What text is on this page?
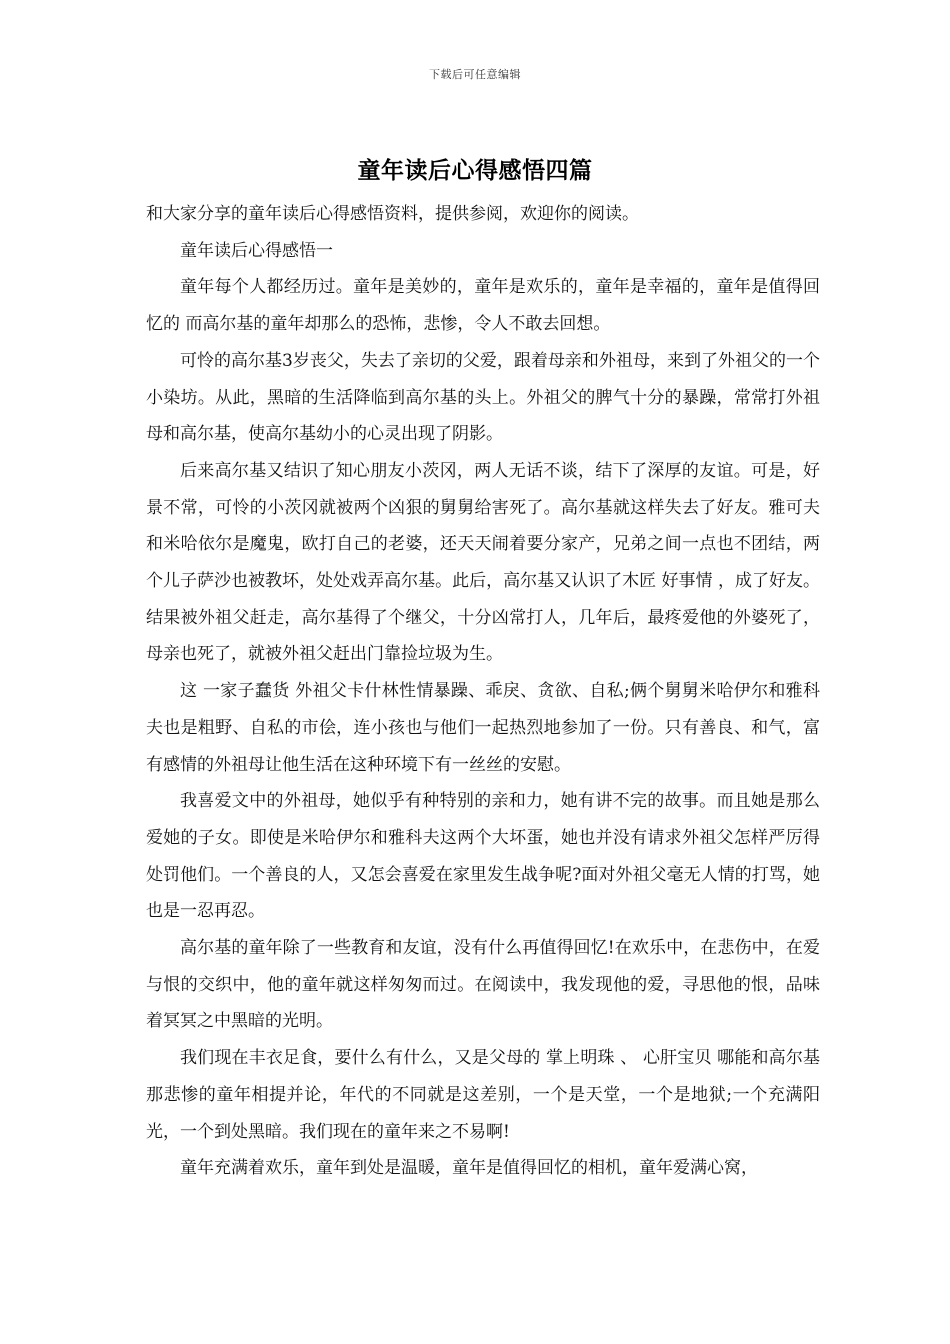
下载后可任意编辑
童年读后心得感悟四篇

和大家分享的童年读后心得感悟资料，提供参阅，欢迎你的阅读。

童年读后心得感悟一

童年每个人都经历过。童年是美妙的，童年是欢乐的，童年是幸福的，童年是值得回忆的 而高尔基的童年却那么的恐怖，悲惨，令人不敢去回想。

可怜的高尔基3岁丧父，失去了亲切的父爱，跟着母亲和外祖母，来到了外祖父的一个小染坊。从此，黑暗的生活降临到高尔基的头上。外祖父的脾气十分的暴躁，常常打外祖母和高尔基，使高尔基幼小的心灵出现了阴影。

后来高尔基又结识了知心朋友小茨冈，两人无话不谈，结下了深厚的友谊。可是，好景不常，可怜的小茨冈就被两个凶狠的舅舅给害死了。高尔基就这样失去了好友。雅可夫和米哈依尔是魔鬼，欧打自己的老婆，还天天闹着要分家产，兄弟之间一点也不团结，两个儿子萨沙也被教坏，处处戏弄高尔基。此后，高尔基又认识了木匠 好事情 ，成了好友。结果被外祖父赶走，高尔基得了个继父，十分凶常打人，几年后，最疼爱他的外婆死了，母亲也死了，就被外祖父赶出门靠捡垃圾为生。

这 一家子蠢货 外祖父卡什林性情暴躁、乖戾、贪欲、自私;俩个舅舅米哈伊尔和雅科夫也是粗野、自私的市侩，连小孩也与他们一起热烈地参加了一份。只有善良、和气，富有感情的外祖母让他生活在这种环境下有一丝丝的安慰。

我喜爱文中的外祖母，她似乎有种特别的亲和力，她有讲不完的故事。而且她是那么爱她的子女。即使是米哈伊尔和雅科夫这两个大坏蛋，她也并没有请求外祖父怎样严厉得处罚他们。一个善良的人，又怎会喜爱在家里发生战争呢?面对外祖父毫无人情的打骂，她也是一忍再忍。

高尔基的童年除了一些教育和友谊，没有什么再值得回忆!在欢乐中，在悲伤中，在爱与恨的交织中，他的童年就这样匆匆而过。在阅读中，我发现他的爱，寻思他的恨，品味着冥冥之中黑暗的光明。

我们现在丰衣足食，要什么有什么，又是父母的 掌上明珠 、 心肝宝贝 哪能和高尔基那悲惨的童年相提并论，年代的不同就是这差别，一个是天堂，一个是地狱;一个充满阳光，一个到处黑暗。我们现在的童年来之不易啊!

童年充满着欢乐，童年到处是温暖，童年是值得回忆的相机，童年爱满心窝，
